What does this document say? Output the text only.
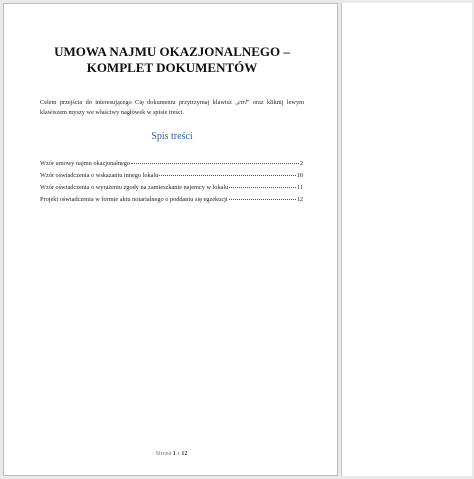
UMOWA NAJMU OKAZJONALNEGO – KOMPLET DOKUMENTÓW

Celem przejścia do interesującego Cię dokumentu przytrzymaj klawisz „ctrl" oraz kliknij lewym klawiszem myszy we właściwy nagłówek w spisie treści.

Spis treści
Wzór umowy najmu okazjonalnego	2
Wzór oświadczenia o wskazaniu innego lokalu	10
Wzór oświadczenia o wyrażeniu zgody na zamieszkanie najemcy w lokalu	11
Projekt oświadczenia w formie aktu notarialnego o poddaniu się egzekucji	12
Strona 1 z 12
